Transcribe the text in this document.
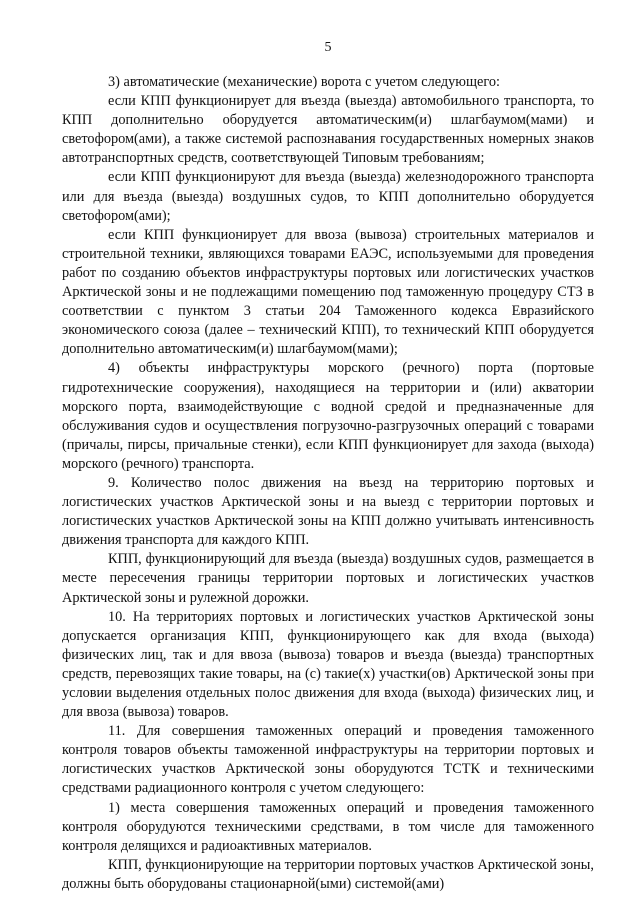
5

3) автоматические (механические) ворота с учетом следующего:

если КПП функционирует для въезда (выезда) автомобильного транспорта, то КПП дополнительно оборудуется автоматическим(и) шлагбаумом(мами) и светофором(ами), а также системой распознавания государственных номерных знаков автотранспортных средств, соответствующей Типовым требованиям;

если КПП функционируют для въезда (выезда) железнодорожного транспорта или для въезда (выезда) воздушных судов, то КПП дополнительно оборудуется светофором(ами);

если КПП функционирует для ввоза (вывоза) строительных материалов и строительной техники, являющихся товарами ЕАЭС, используемыми для проведения работ по созданию объектов инфраструктуры портовых или логистических участков Арктической зоны и не подлежащими помещению под таможенную процедуру СТЗ в соответствии с пунктом 3 статьи 204 Таможенного кодекса Евразийского экономического союза (далее – технический КПП), то технический КПП оборудуется дополнительно автоматическим(и) шлагбаумом(мами);

4) объекты инфраструктуры морского (речного) порта (портовые гидротехнические сооружения), находящиеся на территории и (или) акватории морского порта, взаимодействующие с водной средой и предназначенные для обслуживания судов и осуществления погрузочно-разгрузочных операций с товарами (причалы, пирсы, причальные стенки), если КПП функционирует для захода (выхода) морского (речного) транспорта.

9. Количество полос движения на въезд на территорию портовых и логистических участков Арктической зоны и на выезд с территории портовых и логистических участков Арктической зоны на КПП должно учитывать интенсивность движения транспорта для каждого КПП.

КПП, функционирующий для въезда (выезда) воздушных судов, размещается в месте пересечения границы территории портовых и логистических участков Арктической зоны и рулежной дорожки.

10. На территориях портовых и логистических участков Арктической зоны допускается организация КПП, функционирующего как для входа (выхода) физических лиц, так и для ввоза (вывоза) товаров и въезда (выезда) транспортных средств, перевозящих такие товары, на (с) такие(х) участки(ов) Арктической зоны при условии выделения отдельных полос движения для входа (выхода) физических лиц, и для ввоза (вывоза) товаров.

11. Для совершения таможенных операций и проведения таможенного контроля товаров объекты таможенной инфраструктуры на территории портовых и логистических участков Арктической зоны оборудуются ТСТК и техническими средствами радиационного контроля с учетом следующего:

1) места совершения таможенных операций и проведения таможенного контроля оборудуются техническими средствами, в том числе для таможенного контроля делящихся и радиоактивных материалов.

КПП, функционирующие на территории портовых участков Арктической зоны, должны быть оборудованы стационарной(ыми) системой(ами)
